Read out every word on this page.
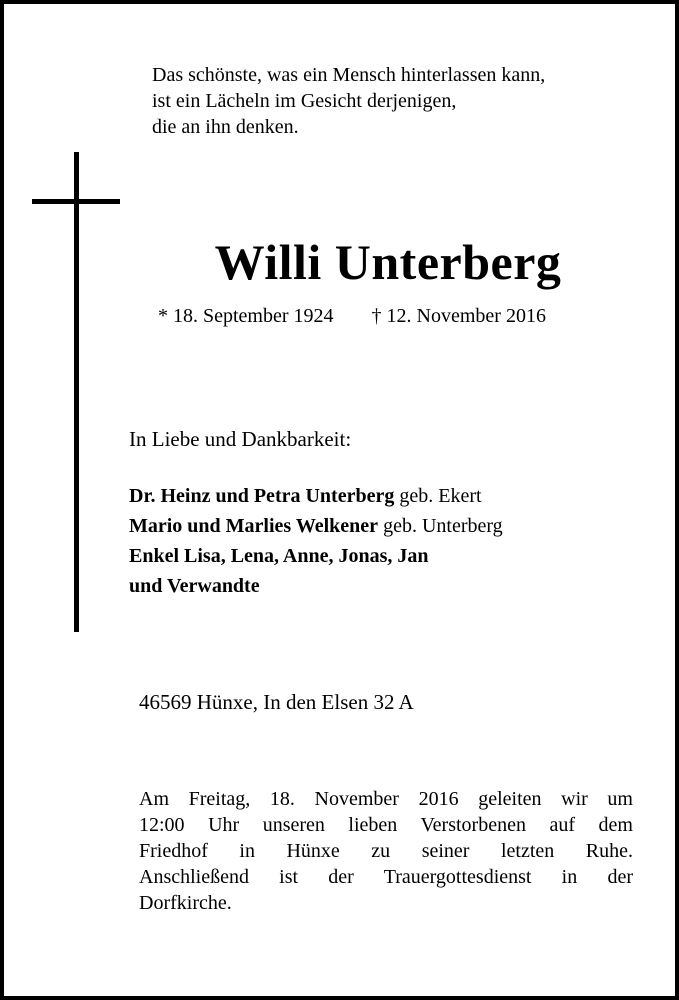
Das schönste, was ein Mensch hinterlassen kann,
ist ein Lächeln im Gesicht derjenigen,
die an ihn denken.
Willi Unterberg
* 18. September 1924 † 12. November 2016
In Liebe und Dankbarkeit:
Dr. Heinz und Petra Unterberg geb. Ekert
Mario und Marlies Welkener geb. Unterberg
Enkel Lisa, Lena, Anne, Jonas, Jan
und Verwandte
46569 Hünxe, In den Elsen 32 A
Am Freitag, 18. November 2016 geleiten wir um
12:00 Uhr unseren lieben Verstorbenen auf dem
Friedhof in Hünxe zu seiner letzten Ruhe.
Anschließend ist der Trauergottesdienst in der
Dorfkirche.
